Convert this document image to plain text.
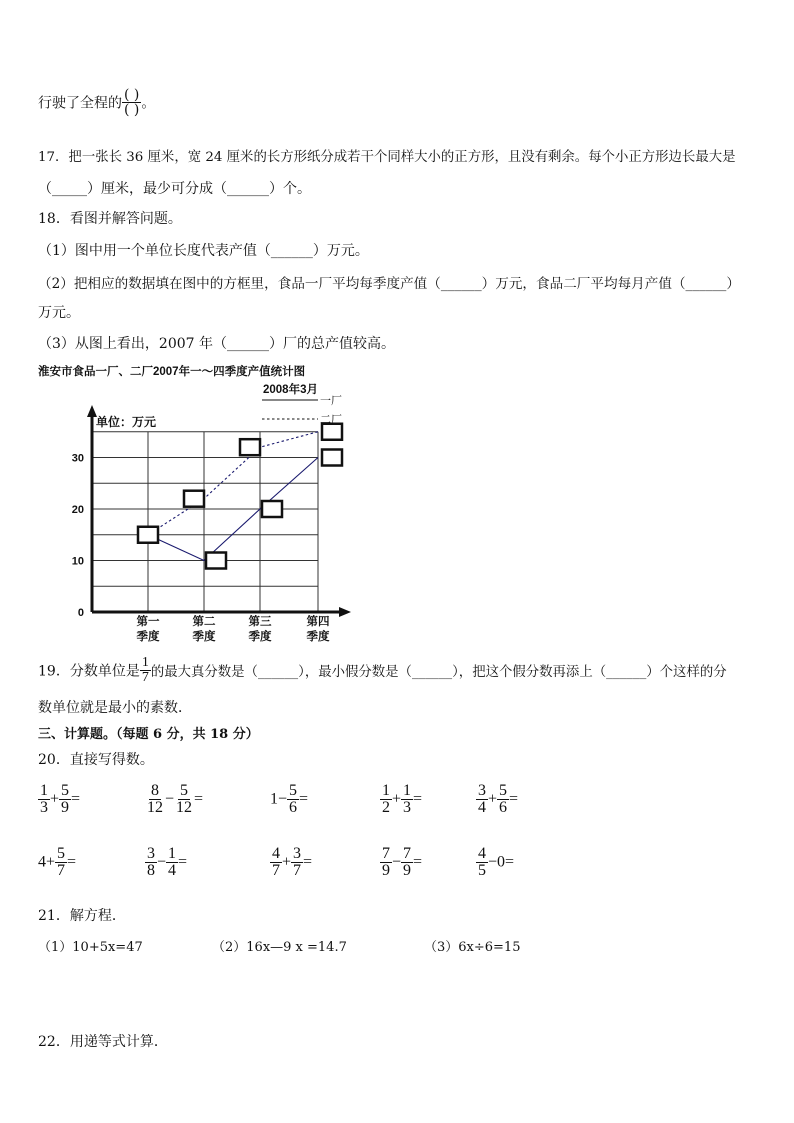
行驶了全程的 $\frac{( )}{( )}$ 。
17．把一张长 36 厘米，宽 24 厘米的长方形纸分成若干个同样大小的正方形，且没有剩余。每个小正方形边长最大是
（_____）厘米，最少可分成（______）个。
18．看图并解答问题。
（1）图中用一个单位长度代表产值（______）万元。
（2）把相应的数据填在图中的方框里，食品一厂平均每季度产值（______）万元，食品二厂平均每月产值（______）
万元。
（3）从图上看出，2007 年（______）厂的总产值较高。
淮安市食品一厂、二厂2007年一～四季度产值统计图
2008年3月
单位：万元
0
10
20
30
第一
季度
第二
季度
第三
季度
第四
季度
一厂
二厂
19．分数单位是 $\frac{1}{7}$ 的最大真分数是（______），最小假分数是（______），把这个假分数再添上（______）个这样的分
数单位就是最小的素数．
三、计算题。（每题 6 分，共 18 分）
20．直接写得数。
$\frac{1}{3} + \frac{5}{9}$ =	$\frac{8}{12} - \frac{5}{12}$ =	$1- \frac{5}{6}$ =	$\frac{1}{2} + \frac{1}{3}$ =	$\frac{3}{4} + \frac{5}{6}$ =
$4+ \frac{5}{7}$ =	$\frac{3}{8} - \frac{1}{4}$ =	$\frac{4}{7} + \frac{3}{7}$ =	$\frac{7}{9} - \frac{7}{9}$ =	$\frac{4}{5} -0=$
21．解方程．
（1）10+5x=47	（2）16x—9 x =14.7	（3）6x÷6=15
22．用递等式计算．
